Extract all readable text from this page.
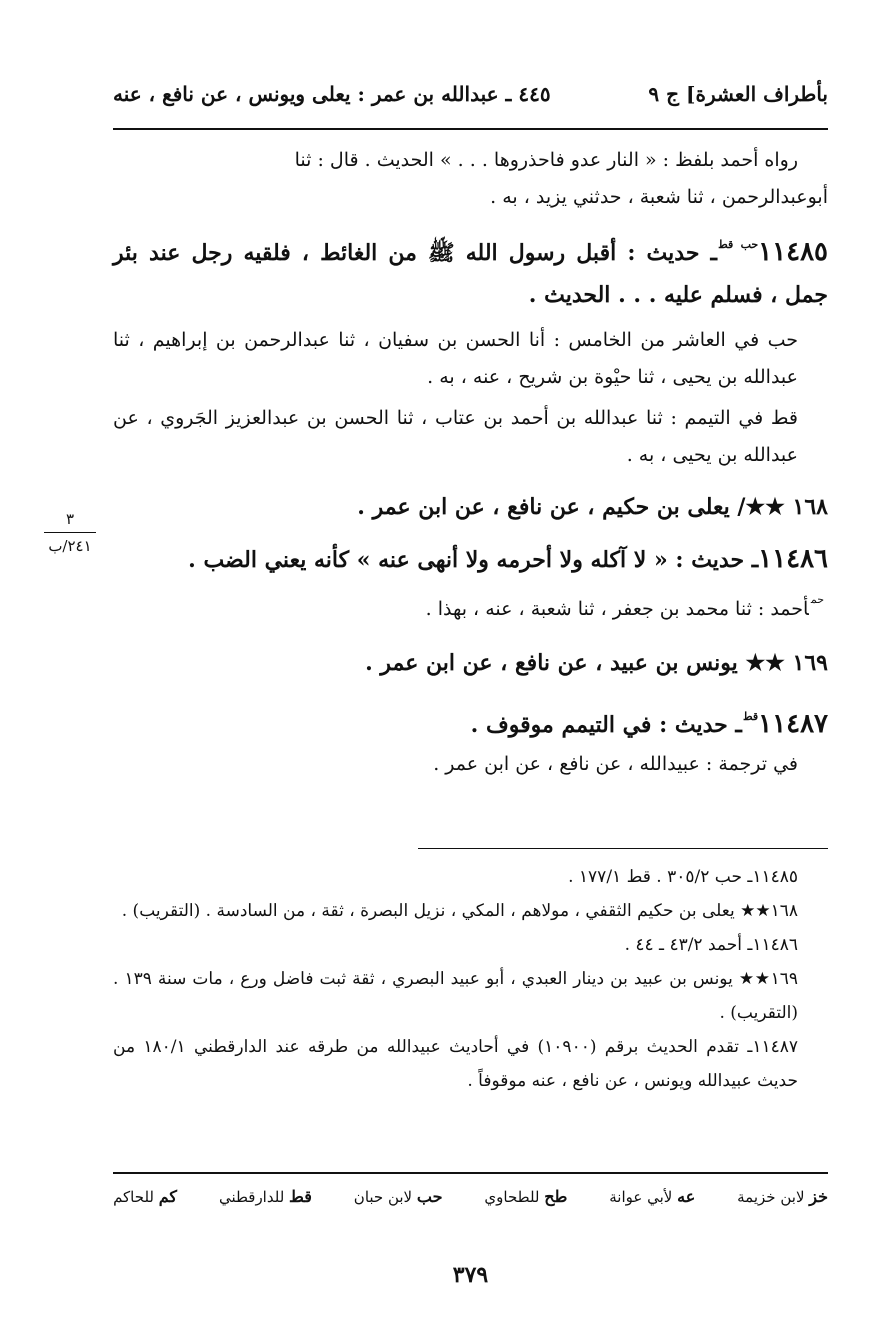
بأطراف العشرة] ج ٩
٤٤٥ ـ عبدالله بن عمر : يعلى ويونس ، عن نافع ، عنه

رواه أحمد بلفظ : « النار عدو فاحذروها . . . » الحديث . قال : ثنا

أبوعبدالرحمن ، ثنا شعبة ، حدثني يزيد ، به .

$١١٤٨٥^{حب قط}ـ$ حديث : أقبل رسول الله ﷺ من الغائط ، فلقيه رجل عند بئر جمل ، فسلم عليه . . . الحديث .

حب في العاشر من الخامس : أنا الحسن بن سفيان ، ثنا عبدالرحمن بن إبراهيم ، ثنا عبدالله بن يحيى ، ثنا حيْوة بن شريح ، عنه ، به .

قط في التيمم : ثنا عبدالله بن أحمد بن عتاب ، ثنا الحسن بن عبدالعزيز الجَروي ، عن عبدالله بن يحيى ، به .

١٦٨ ★★/ يعلى بن حكيم ، عن نافع ، عن ابن عمر .

١١٤٨٦ـ حديث : « لا آكله ولا أحرمه ولا أنهى عنه » كأنه يعني الضب .

$^{حم}$أحمد : ثنا محمد بن جعفر ، ثنا شعبة ، عنه ، بهذا .

١٦٩ ★★ يونس بن عبيد ، عن نافع ، عن ابن عمر .

$١١٤٨٧^{قط}ـ$ حديث : في التيمم موقوف .

في ترجمة : عبيدالله ، عن نافع ، عن ابن عمر .

١١٤٨٥ـ حب ٣٠٥/٢ . قط ١٧٧/١ .

١٦٨★★ يعلى بن حكيم الثقفي ، مولاهم ، المكي ، نزيل البصرة ، ثقة ، من السادسة . (التقريب) .

١١٤٨٦ـ أحمد ٤٣/٢ ـ ٤٤ .

١٦٩★★ يونس بن عبيد بن دينار العبدي ، أبو عبيد البصري ، ثقة ثبت فاضل ورع ، مات سنة ١٣٩ . (التقريب) .

١١٤٨٧ـ تقدم الحديث برقم (١٠٩٠٠) في أحاديث عبيدالله من طرقه عند الدارقطني ١٨٠/١ من حديث عبيدالله ويونس ، عن نافع ، عنه موقوفاً .

خز لابن خزيمة
عه لأبي عوانة
طح للطحاوي
حب لابن حبان
قط للدارقطني
كم للحاكم
٣٧٩
٣
٢٤١/ب
